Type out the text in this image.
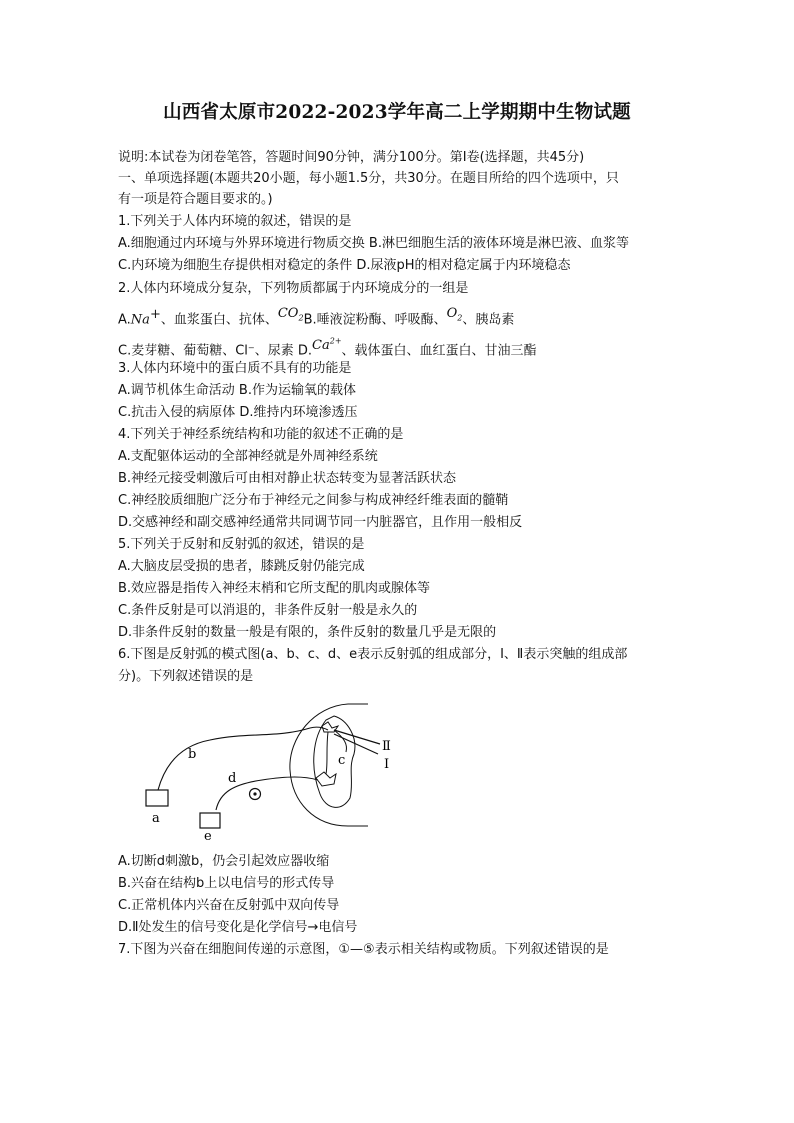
山西省太原市2022-2023学年高二上学期期中生物试题
说明:本试卷为闭卷笔答，答题时间90分钟，满分100分。第Ⅰ卷(选择题，共45分)
一、单项选择题(本题共20小题，每小题1.5分，共30分。在题目所给的四个选项中，只
有一项是符合题目要求的。)
1.下列关于人体内环境的叙述，错误的是
A.细胞通过内环境与外界环境进行物质交换 B.淋巴细胞生活的液体环境是淋巴液、血浆等
C.内环境为细胞生存提供相对稳定的条件 D.尿液pH的相对稳定属于内环境稳态
2.人体内环境成分复杂，下列物质都属于内环境成分的一组是
A.Na+、血浆蛋白、抗体、$CO_2B$.唾液淀粉酶、呼吸酶、$O_2$、胰岛素
C.麦芽糖、葡萄糖、Cl⁻、尿素 $D.Ca^{2+}$、载体蛋白、血红蛋白、甘油三酯
3.人体内环境中的蛋白质不具有的功能是
A.调节机体生命活动 B.作为运输氧的载体
C.抗击入侵的病原体 D.维持内环境渗透压
4.下列关于神经系统结构和功能的叙述不正确的是
A.支配躯体运动的全部神经就是外周神经系统
B.神经元接受刺激后可由相对静止状态转变为显著活跃状态
C.神经胶质细胞广泛分布于神经元之间参与构成神经纤维表面的髓鞘
D.交感神经和副交感神经通常共同调节同一内脏器官，且作用一般相反
5.下列关于反射和反射弧的叙述，错误的是
A.大脑皮层受损的患者，膝跳反射仍能完成
B.效应器是指传入神经末梢和它所支配的肌肉或腺体等
C.条件反射是可以消退的，非条件反射一般是永久的
D.非条件反射的数量一般是有限的，条件反射的数量几乎是无限的
6.下图是反射弧的模式图(a、b、c、d、e表示反射弧的组成部分，Ⅰ、Ⅱ表示突触的组成部
分)。下列叙述错误的是
a
b	c
d
e
Ⅱ
I
A.切断d刺激b，仍会引起效应器收缩
B.兴奋在结构b上以电信号的形式传导
C.正常机体内兴奋在反射弧中双向传导
D.Ⅱ处发生的信号变化是化学信号→电信号
7.下图为兴奋在细胞间传递的示意图，①—⑤表示相关结构或物质。下列叙述错误的是
